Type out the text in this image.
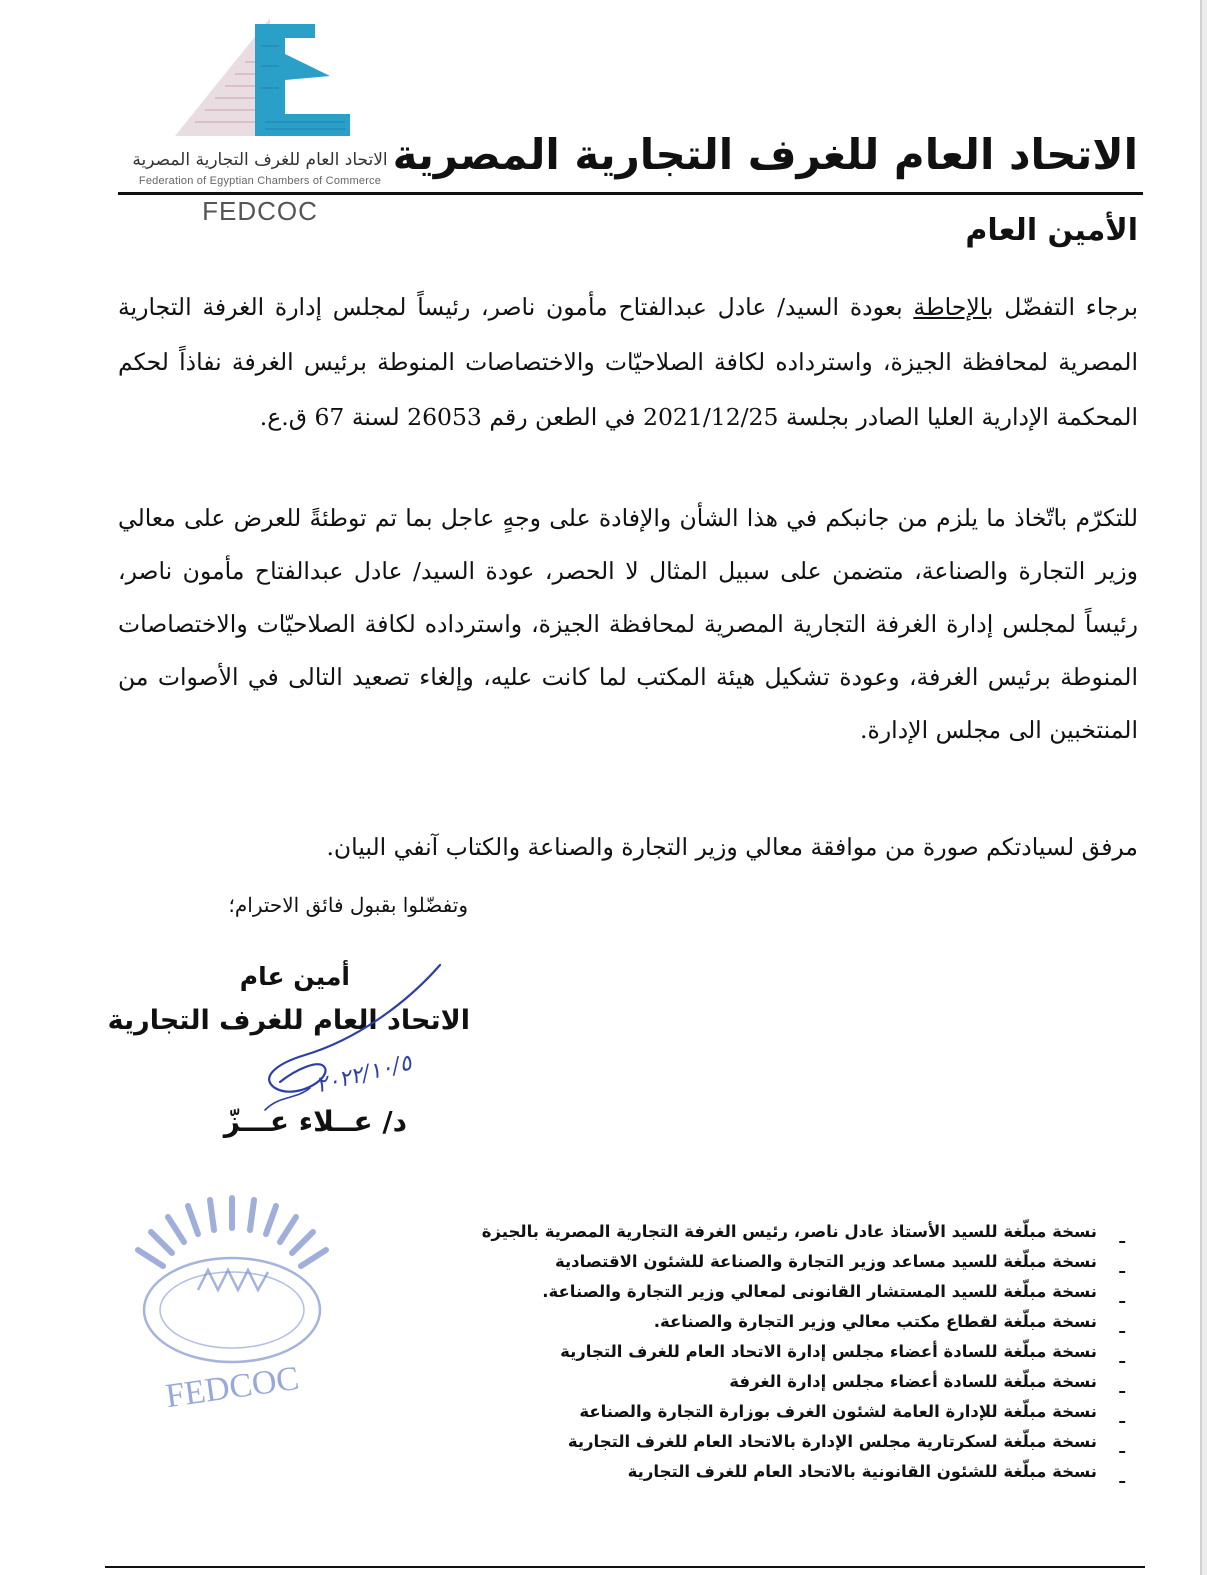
الاتحاد العام للغرف التجارية المصرية
Federation of Egyptian Chambers of Commerce
FEDCOC
الاتحاد العام للغرف التجارية المصرية
الأمين العام
برجاء التفضّل بالإحاطة بعودة السيد/ عادل عبدالفتاح مأمون ناصر، رئيساً لمجلس إدارة الغرفة التجارية المصرية لمحافظة الجيزة، واسترداده لكافة الصلاحيّات والاختصاصات المنوطة برئيس الغرفة نفاذاً لحكم المحكمة الإدارية العليا الصادر بجلسة 2021/12/25 في الطعن رقم 26053 لسنة 67 ق.ع.
للتكرّم باتّخاذ ما يلزم من جانبكم في هذا الشأن والإفادة على وجهٍ عاجل بما تم توطئةً للعرض على معالي وزير التجارة والصناعة، متضمن على سبيل المثال لا الحصر، عودة السيد/ عادل عبدالفتاح مأمون ناصر، رئيساً لمجلس إدارة الغرفة التجارية المصرية لمحافظة الجيزة، واسترداده لكافة الصلاحيّات والاختصاصات المنوطة برئيس الغرفة، وعودة تشكيل هيئة المكتب لما كانت عليه، وإلغاء تصعيد التالى في الأصوات من المنتخبين الى مجلس الإدارة.
مرفق لسيادتكم صورة من موافقة معالي وزير التجارة والصناعة والكتاب آنفي البيان.
وتفضّلوا بقبول فائق الاحترام؛
أمين عام
الاتحاد العام للغرف التجارية
٢٠٢٢/١٠/٥
د/ عــلاء عـــزّ
FEDCOC
ـ
نسخة مبلّغة للسيد الأستاذ عادل ناصر، رئيس الغرفة التجارية المصرية بالجيزة
ـ
نسخة مبلّغة للسيد مساعد وزير التجارة والصناعة للشئون الاقتصادية
ـ
نسخة مبلّغة للسيد المستشار القانونى لمعالي وزير التجارة والصناعة.
ـ
نسخة مبلّغة لقطاع مكتب معالي وزير التجارة والصناعة.
ـ
نسخة مبلّغة للسادة أعضاء مجلس إدارة الاتحاد العام للغرف التجارية
ـ
نسخة مبلّغة للسادة أعضاء مجلس إدارة الغرفة
ـ
نسخة مبلّغة للإدارة العامة لشئون الغرف بوزارة التجارة والصناعة
ـ
نسخة مبلّغة لسكرتارية مجلس الإدارة بالاتحاد العام للغرف التجارية
ـ
نسخة مبلّغة للشئون القانونية بالاتحاد العام للغرف التجارية
